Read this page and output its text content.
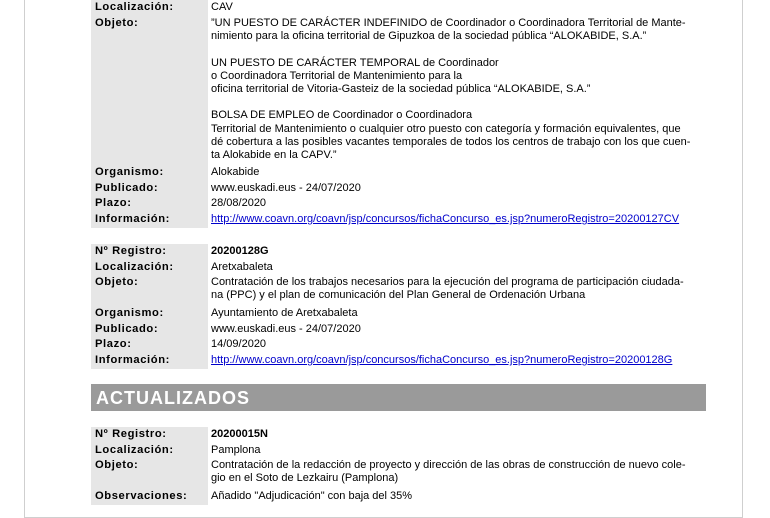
Localización:	CAV
Objeto:	”UN PUESTO DE CARÁCTER INDEFINIDO de Coordinador o Coordinadora Territorial de Mante-
nimiento para la oficina territorial de Gipuzkoa de la sociedad pública “ALOKABIDE, S.A.”
UN PUESTO DE CARÁCTER TEMPORAL de Coordinador
o Coordinadora Territorial de Mantenimiento para la
oficina territorial de Vitoria-Gasteiz de la sociedad pública “ALOKABIDE, S.A.”
BOLSA DE EMPLEO de Coordinador o Coordinadora
Territorial de Mantenimiento o cualquier otro puesto con categoría y formación equivalentes, que
dé cobertura a las posibles vacantes temporales de todos los centros de trabajo con los que cuen-
ta Alokabide en la CAPV.”
Organismo:	Alokabide
Publicado:	www.euskadi.eus - 24/07/2020
Plazo:	28/08/2020
Información:	http://www.coavn.org/coavn/jsp/concursos/fichaConcurso_es.jsp?numeroRegistro=20200127CV
Nº Registro:	20200128G
Localización:	Aretxabaleta
Objeto:	Contratación de los trabajos necesarios para la ejecución del programa de participación ciudada-
na (PPC) y el plan de comunicación del Plan General de Ordenación Urbana
Organismo:	Ayuntamiento de Aretxabaleta
Publicado:	www.euskadi.eus - 24/07/2020
Plazo:	14/09/2020
Información:	http://www.coavn.org/coavn/jsp/concursos/fichaConcurso_es.jsp?numeroRegistro=20200128G
ACTUALIZADOS
Nº Registro:	20200015N
Localización:	Pamplona
Objeto:	Contratación de la redacción de proyecto y dirección de las obras de construcción de nuevo cole-
gio en el Soto de Lezkairu (Pamplona)
Observaciones:	Añadido "Adjudicación" con baja del 35%
